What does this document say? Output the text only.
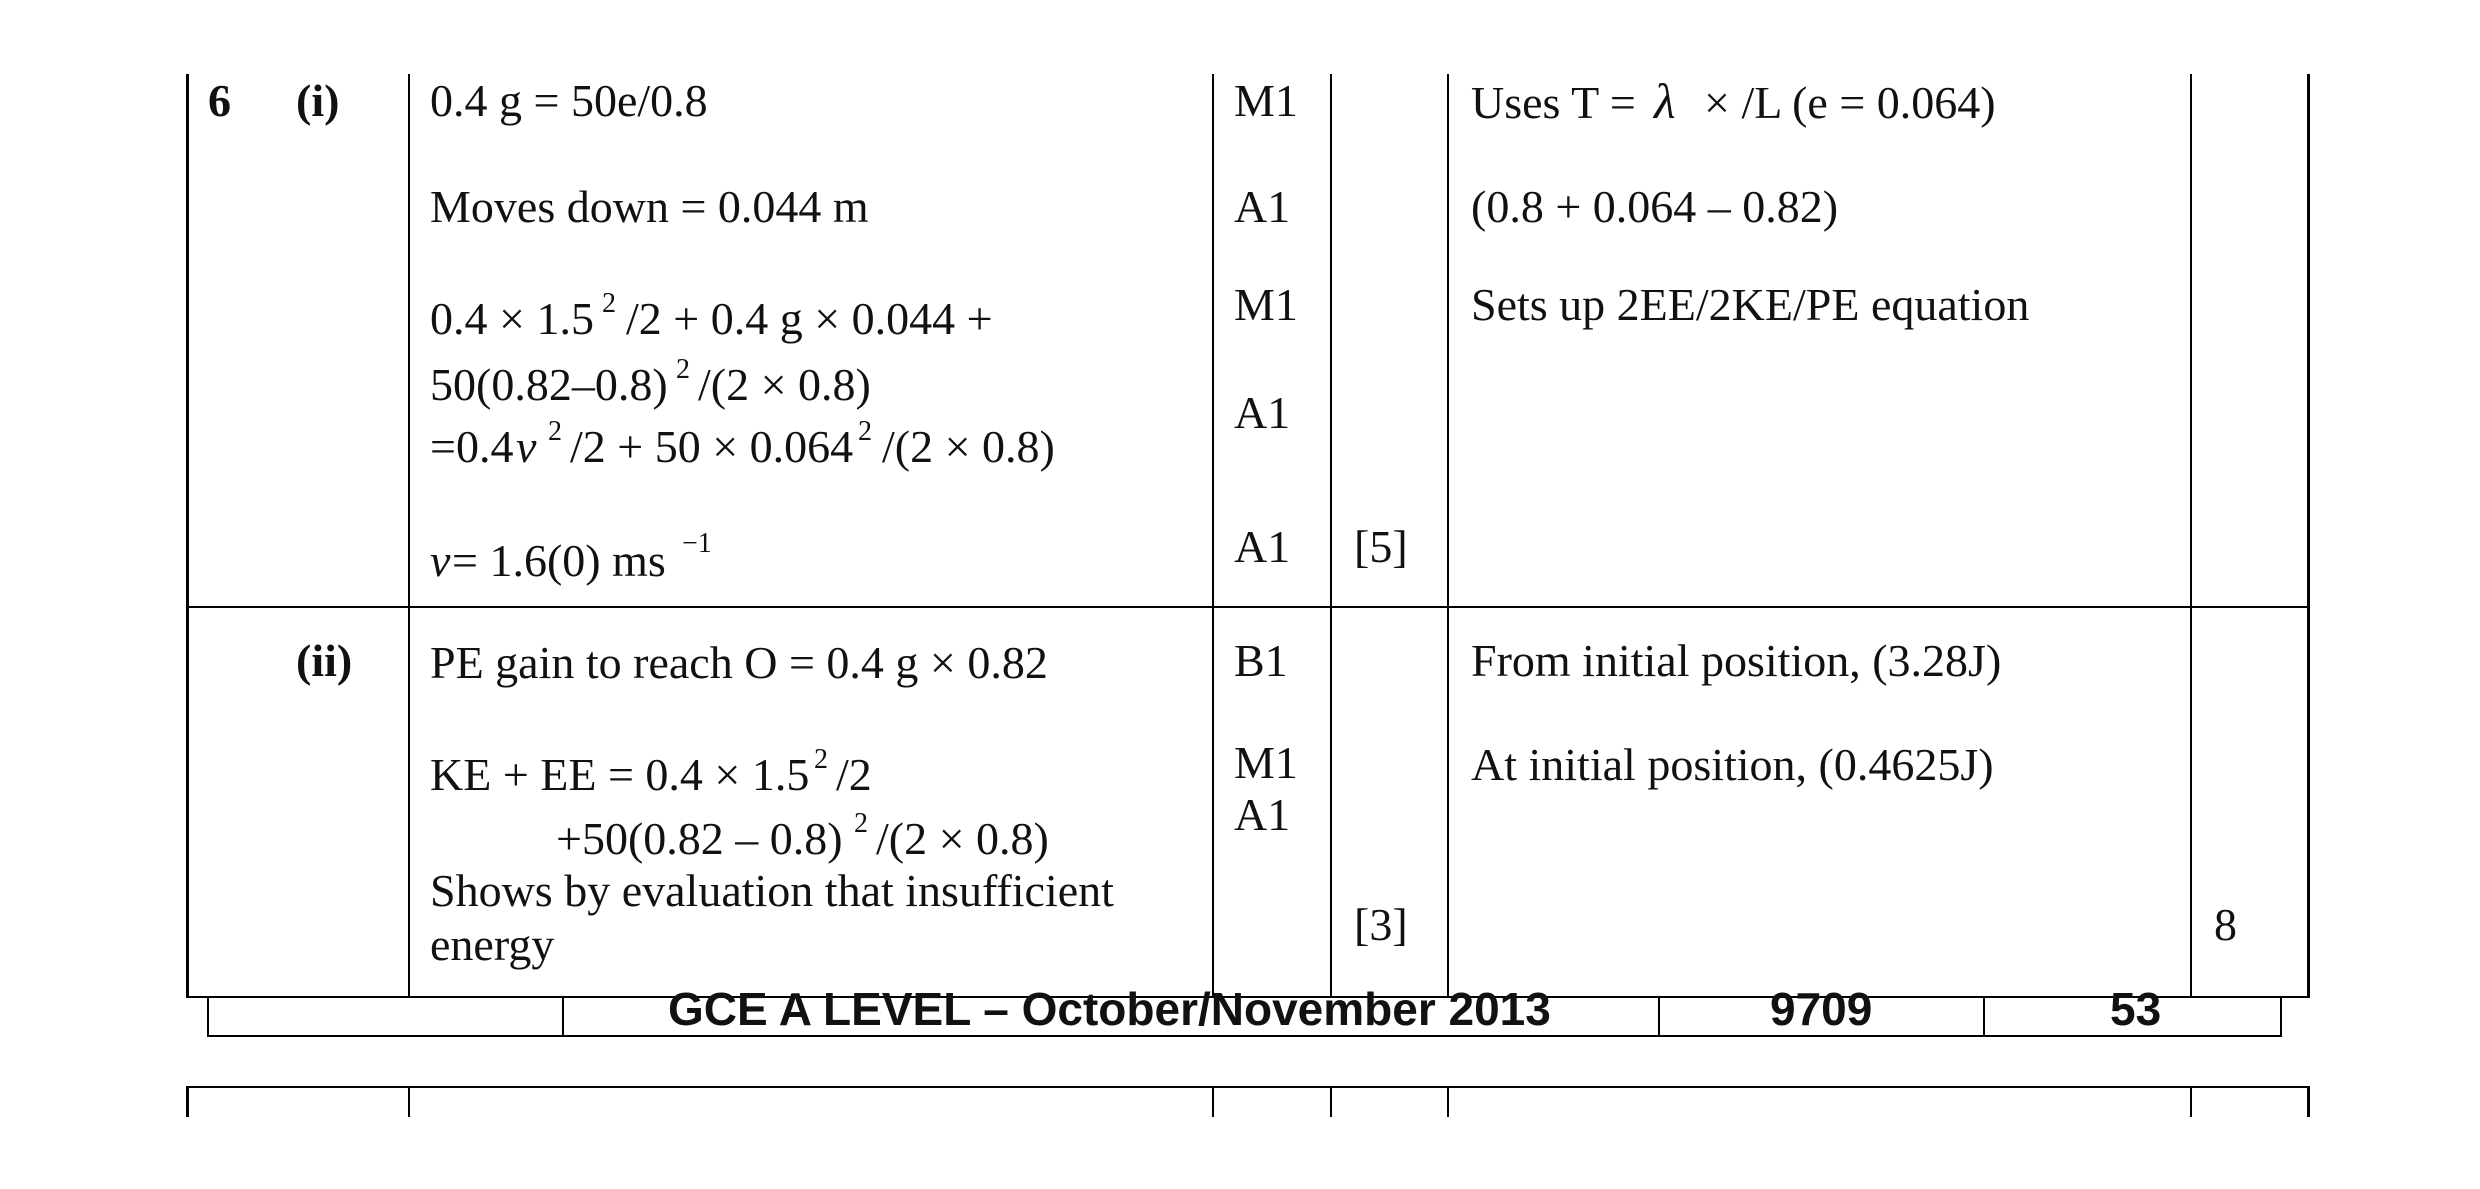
GCE A LEVEL – October/November 2013	9709	53
6 (i) 0.4 g = 50e/0.8
Moves down = 0.044 m
0.4 × 1.5 2 /2 + 0.4 g × 0.044 +
50(0.82–0.8) 2 /(2 × 0.8)
=0.4 v 2 /2 + 50 × 0.064 2 /(2 × 0.8)
v = 1.6(0) ms −1
M1
A1
M1
A1
A1 [5]
Uses T = λ × /L (e = 0.064)
(0.8 + 0.064 – 0.82)
Sets up 2EE/2KE/PE equation
(ii) PE gain to reach O = 0.4 g × 0.82
KE + EE = 0.4 × 1.5 2 /2
+50(0.82 – 0.8) 2 /(2 × 0.8)
Shows by evaluation that insufficient
energy
B1
M1
A1
[3]
From initial position, (3.28J)
At initial position, (0.4625J)
8
